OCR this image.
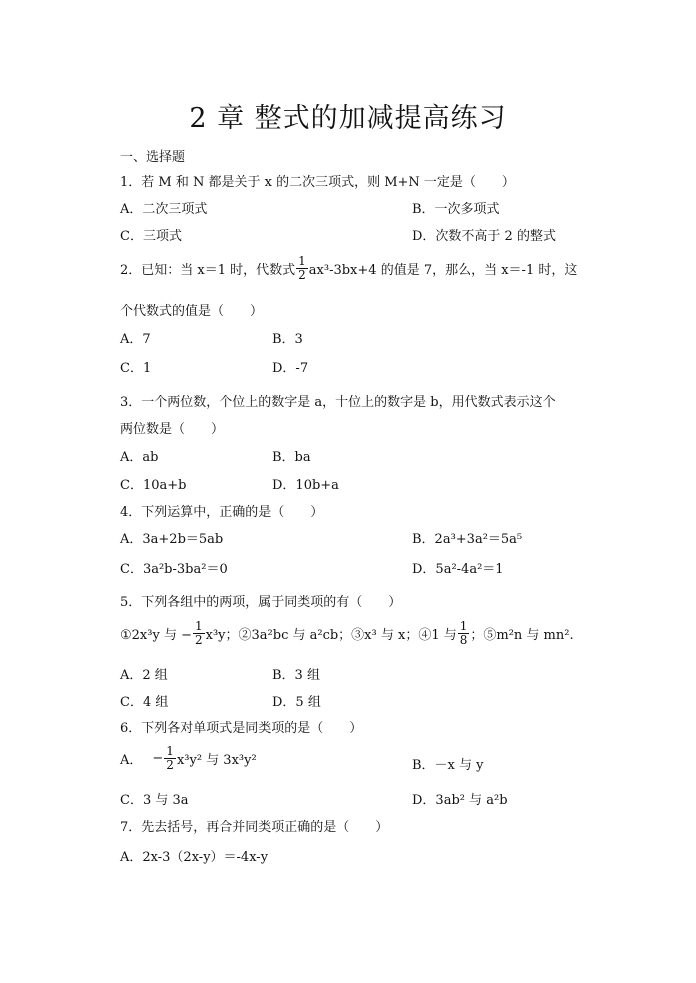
2 章 整式的加减提高练习
一、选择题
1．若 M 和 N 都是关于 x 的二次三项式，则 M+N 一定是（　　）
A．二次三项式	B．一次多项式
C．三项式	D．次数不高于 2 的整式
2．已知：当 x＝1 时，代数式 $\frac{1}{2} ax^3-3bx+4$ 的值是 7，那么，当 x＝-1 时，这
个代数式的值是（　　）
A．7	B．3
C．1	D．-7
3．一个两位数，个位上的数字是 a，十位上的数字是 b，用代数式表示这个
两位数是（　　）
A．ab	B．ba
C．10a+b	D．10b+a
4．下列运算中，正确的是（　　）
A．3a+2b＝5ab	B．2a³+3a²＝5a⁵
C．3a²b-3ba²＝0	D．5a²-4a²＝1
5．下列各组中的两项，属于同类项的有（　　）
①2x³y 与 − $\frac{1}{2} x^3y$；②3a²bc 与 a²cb；③x³ 与 x；④1 与 $\frac{1}{8}$ ；⑤m²n 与 mn².
A．2 组	B．3 组
C．4 组	D．5 组
6．下列各对单项式是同类项的是（　　）
A． − $\frac{1}{2} x^3y^2$ 与 3x³y²	B．－x 与 y
C．3 与 3a	D．3ab² 与 a²b
7．先去括号，再合并同类项正确的是（　　）
A．2x-3（2x-y）＝-4x-y
